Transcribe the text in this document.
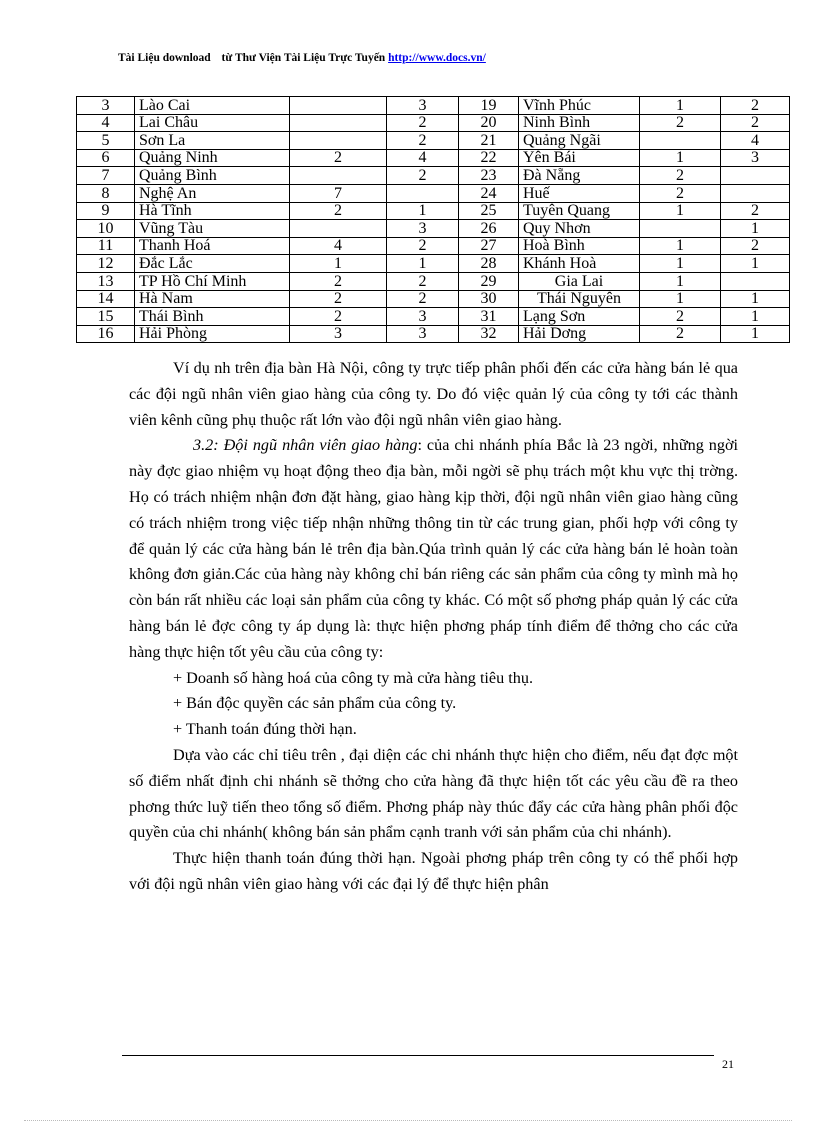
Tài Liệu download từ Thư Viện Tài Liệu Trực Tuyến http://www.docs.vn/
3	Lào Cai		3	19	Vĩnh Phúc	1	2
4	Lai Châu		2	20	Ninh Bình	2	2
5	Sơn La		2	21	Quảng Ngãi		4
6	Quảng Ninh	2	4	22	Yên Bái	1	3
7	Quảng Bình		2	23	Đà Nẵng	2	
8	Nghệ An	7		24	Huế	2	
9	Hà Tĩnh	2	1	25	Tuyên Quang	1	2
10	Vũng Tàu		3	26	Quy Nhơn		1
11	Thanh Hoá	4	2	27	Hoà Bình	1	2
12	Đắc Lắc	1	1	28	Khánh Hoà	1	1
13	TP Hồ Chí Minh	2	2	29	Gia Lai	1	
14	Hà Nam	2	2	30	Thái Nguyên	1	1
15	Thái Bình	2	3	31	Lạng Sơn	2	1
16	Hải Phòng	3	3	32	Hải Dơng	2	1

Ví dụ nh trên địa bàn Hà Nội, công ty trực tiếp phân phối đến các cửa hàng bán lẻ qua các đội ngũ nhân viên giao hàng của công ty. Do đó việc quản lý của công ty tới các thành viên kênh cũng phụ thuộc rất lớn vào đội ngũ nhân viên giao hàng.

3.2: Đội ngũ nhân viên giao hàng: của chi nhánh phía Bắc là 23 ngời, những ngời này đợc giao nhiệm vụ hoạt động theo địa bàn, mỗi ngời sẽ phụ trách một khu vực thị trờng. Họ có trách nhiệm nhận đơn đặt hàng, giao hàng kịp thời, đội ngũ nhân viên giao hàng cũng có trách nhiệm trong việc tiếp nhận những thông tin từ các trung gian, phối hợp với công ty để quản lý các cửa hàng bán lẻ trên địa bàn.Qúa trình quản lý các cửa hàng bán lẻ hoàn toàn không đơn giản.Các của hàng này không chỉ bán riêng các sản phẩm của công ty mình mà họ còn bán rất nhiều các loại sản phẩm của công ty khác. Có một số phơng pháp quản lý các cửa hàng bán lẻ đợc công ty áp dụng là: thực hiện phơng pháp tính điểm để thởng cho các cửa hàng thực hiện tốt yêu cầu của công ty:

+ Doanh số hàng hoá của công ty mà cửa hàng tiêu thụ.

+ Bán độc quyền các sản phẩm của công ty.

+ Thanh toán đúng thời hạn.

Dựa vào các chỉ tiêu trên , đại diện các chi nhánh thực hiện cho điểm, nếu đạt đợc một số điểm nhất định chi nhánh sẽ thởng cho cửa hàng đã thực hiện tốt các yêu cầu đề ra theo phơng thức luỹ tiến theo tổng số điểm. Phơng pháp này thúc đẩy các cửa hàng phân phối độc quyền của chi nhánh( không bán sản phẩm cạnh tranh với sản phẩm của chi nhánh).

Thực hiện thanh toán đúng thời hạn. Ngoài phơng pháp trên công ty có thể phối hợp với đội ngũ nhân viên giao hàng với các đại lý để thực hiện phân

21
